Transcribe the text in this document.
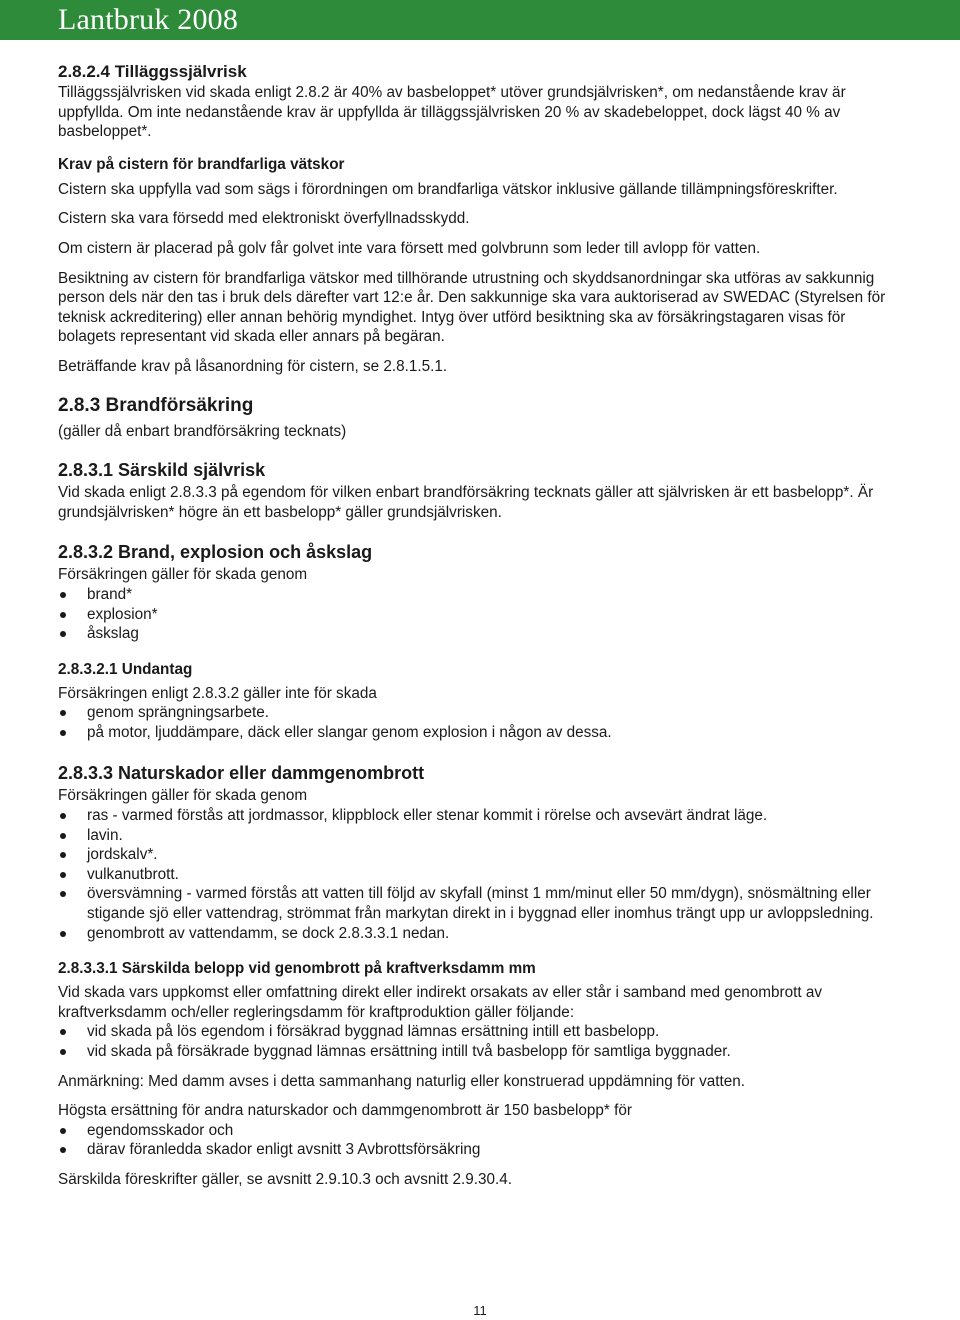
Lantbruk 2008
2.8.2.4 Tilläggssjälvrisk

Tilläggssjälvrisken vid skada enligt 2.8.2 är 40% av basbeloppet* utöver grundsjälvrisken*, om nedanstående krav är uppfyllda. Om inte nedanstående krav är uppfyllda är tilläggssjälvrisken 20 % av skadebeloppet, dock lägst 40 % av basbeloppet*.

Krav på cistern för brandfarliga vätskor

Cistern ska uppfylla vad som sägs i förordningen om brandfarliga vätskor inklusive gällande tillämpningsföreskrifter.

Cistern ska vara försedd med elektroniskt överfyllnadsskydd.

Om cistern är placerad på golv får golvet inte vara försett med golvbrunn som leder till avlopp för vatten.

Besiktning av cistern för brandfarliga vätskor med tillhörande utrustning och skyddsanordningar ska utföras av sakkunnig person dels när den tas i bruk dels därefter vart 12:e år. Den sakkunnige ska vara auktoriserad av SWEDAC (Styrelsen för teknisk ackreditering) eller annan behörig myndighet. Intyg över utförd besiktning ska av försäkringstagaren visas för bolagets representant vid skada eller annars på begäran.

Beträffande krav på låsanordning för cistern, se 2.8.1.5.1.

2.8.3 Brandförsäkring

(gäller då enbart brandförsäkring tecknats)

2.8.3.1 Särskild självrisk

Vid skada enligt 2.8.3.3 på egendom för vilken enbart brandförsäkring tecknats gäller att självrisken är ett basbelopp*. Är grundsjälvrisken* högre än ett basbelopp* gäller grundsjälvrisken.

2.8.3.2 Brand, explosion och åskslag

Försäkringen gäller för skada genom

brand*
explosion*
åskslag
2.8.3.2.1 Undantag

Försäkringen enligt 2.8.3.2 gäller inte för skada

genom sprängningsarbete.
på motor, ljuddämpare, däck eller slangar genom explosion i någon av dessa.
2.8.3.3 Naturskador eller dammgenombrott

Försäkringen gäller för skada genom

ras - varmed förstås att jordmassor, klippblock eller stenar kommit i rörelse och avsevärt ändrat läge.
lavin.
jordskalv*.
vulkanutbrott.
översvämning - varmed förstås att vatten till följd av skyfall (minst 1 mm/minut eller 50 mm/dygn), snösmältning eller stigande sjö eller vattendrag, strömmat från markytan direkt in i byggnad eller inomhus trängt upp ur avloppsledning.
genombrott av vattendamm, se dock 2.8.3.3.1 nedan.
2.8.3.3.1 Särskilda belopp vid genombrott på kraftverksdamm mm

Vid skada vars uppkomst eller omfattning direkt eller indirekt orsakats av eller står i samband med genombrott av kraftverksdamm och/eller regleringsdamm för kraftproduktion gäller följande:

vid skada på lös egendom i försäkrad byggnad lämnas ersättning intill ett basbelopp.
vid skada på försäkrade byggnad lämnas ersättning intill två basbelopp för samtliga byggnader.

Anmärkning: Med damm avses i detta sammanhang naturlig eller konstruerad uppdämning för vatten.

Högsta ersättning för andra naturskador och dammgenombrott är 150 basbelopp* för

egendomsskador och
därav föranledda skador enligt avsnitt 3 Avbrottsförsäkring

Särskilda föreskrifter gäller, se avsnitt 2.9.10.3 och avsnitt 2.9.30.4.

11
